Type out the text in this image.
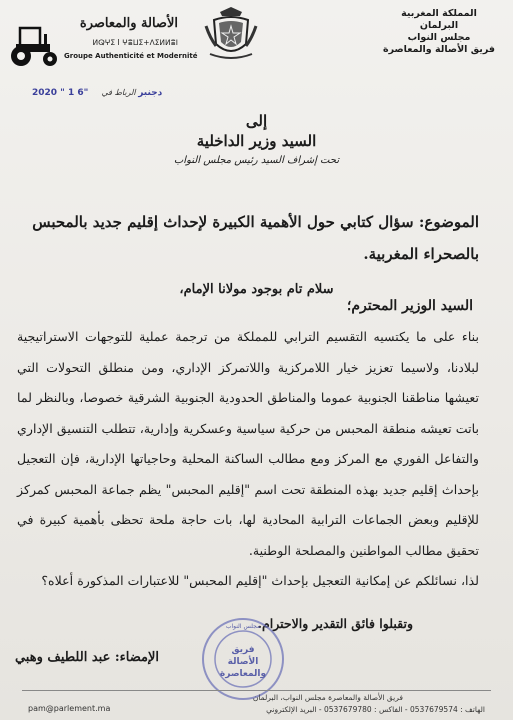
المملكة المغربية
البرلمان
مجلس النواب
فريق الأصالة والمعاصرة
الأصالة والمعاصرة
ⵍⵕⵖⵉ Ⅰ ⵖⴻⵡⵉ+ⴷⵉⵍⵍⴻⵏ
Groupe Authenticité et Modernité
2020 " 1 6" دجنبر الرباط في
إلى
السيد وزير الداخلية
تحت إشراف السيد رئيس مجلس النواب
الموضوع: سؤال كتابي حول الأهمية الكبيرة لإحداث إقليم جديد بالمحبس بالصحراء المغربية.
سلام تام بوجود مولانا الإمام،
السيد الوزير المحترم؛
بناء على ما يكتسيه التقسيم الترابي للمملكة من ترجمة عملية للتوجهات الاستراتيجية لبلادنا، ولاسيما تعزيز خيار اللامركزية واللاتمركز الإداري، ومن منطلق التحولات التي تعيشها مناطقنا الجنوبية عموما والمناطق الحدودية الجنوبية الشرقية خصوصا، وبالنظر لما باتت تعيشه منطقة المحبس من حركية سياسية وعسكرية وإدارية، تتطلب التنسيق الإداري والتفاعل الفوري مع المركز ومع مطالب الساكنة المحلية وحاجياتها الإدارية، فإن التعجيل بإحداث إقليم جديد بهذه المنطقة تحت اسم "إقليم المحبس" يظم جماعة المحبس كمركز للإقليم وبعض الجماعات الترابية المحادية لها، بات حاجة ملحة تحظى بأهمية كبيرة في تحقيق مطالب المواطنين والمصلحة الوطنية.
لذا، نسائلكم عن إمكانية التعجيل بإحداث "إقليم المحبس" للاعتبارات المذكورة أعلاه؟
وتقبلوا فائق التقدير والاحترام.
فريق
الأصالة
والمعاصرة
مجلس النواب
الإمضاء: عبد اللطيف وهبي
فريق الأصالة والمعاصرة مجلس النواب، البرلمان
الهاتف : 0537679574 - الفاكس : 0537679780 - البريد الإلكتروني
pam@parlement.ma
